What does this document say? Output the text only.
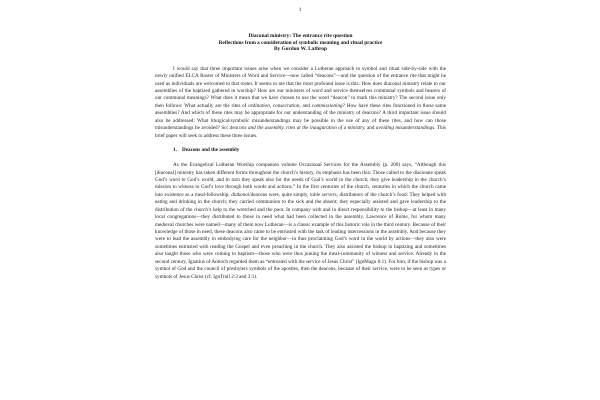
1
Diaconal ministry: The entrance rite question
Reflections from a consideration of symbolic meaning and ritual practice
By Gordon W. Lathrop

I would say that three important issues arise when we consider a Lutheran approach to symbol and ritual side-by-side with the newly unified ELCA Roster of Ministers of Word and Service—now called “deacons”—and the question of the entrance rite that might be used as individuals are welcomed to that roster. It seems to me that the most profound issue is this: How does diaconal ministry relate to our assemblies of the baptized gathered in worship? How are our ministers of word and service themselves communal symbols and bearers of our communal meanings? What does it mean that we have chosen to use the word “deacon” to mark this ministry? The second issue only then follows: What actually are the rites of ordination, consecration, and commissioning? How have these rites functioned in those same assemblies? And which of these rites may be appropriate for our understanding of the ministry of deacons? A third important issue should also be addressed: What liturgical/symbolic misunderstandings may be possible in the use of any of these rites, and how can those misunderstandings be avoided? So: deacons and the assembly, rites at the inauguration of a ministry, and avoiding misunderstandings. This brief paper will seek to address these three issues.

1. Deacons and the assembly

As the Evangelical Lutheran Worship companion volume Occasional Services for the Assembly (p. 200) says, “Although this [diaconal] ministry has taken different forms throughout the church’s history, its emphasis has been this: Those called to the diaconate speak God’s word to God’s world, and in turn they speak also for the needs of God’s world to the church; they give leadership in the church’s mission to witness to God’s love through both words and actions.” In the first centuries of the church, centuries in which the church came into existence as a meal-fellowship, diakonoi/deacons were, quite simply, table servers, distributors of the church’s food: They helped with eating and drinking in the church; they carried communion to the sick and the absent; they especially assisted and gave leadership to the distribution of the church’s help to the wretched and the poor. In company with and in direct responsibility to the bishop—at least in many local congregations—they distributed to those in need what had been collected in the assembly. Lawrence of Rome, for whom many medieval churches were named—many of them now Lutheran—is a classic example of this historic role in the third century. Because of their knowledge of those in need, these deacons also came to be entrusted with the task of leading intercessions in the assembly. And because they were to lead the assembly in embodying care for the neighbor—in thus proclaiming God’s word in the world by actions—they also were sometimes entrusted with reading the Gospel and even preaching in the church. They also assisted the bishop in baptizing and sometimes also taught those who were coming to baptism—those who were thus joining the meal-community of witness and service. Already in the second century, Ignatius of Antioch regarded them as “entrusted with the service of Jesus Christ” (IgnMagn 6:1). For him, if the bishop was a symbol of God and the council of presbyters symbols of the apostles, then the deacons, because of their service, were to be seen as types or symbols of Jesus Christ (cf. IgnTrall 2:3 and 3:1).
